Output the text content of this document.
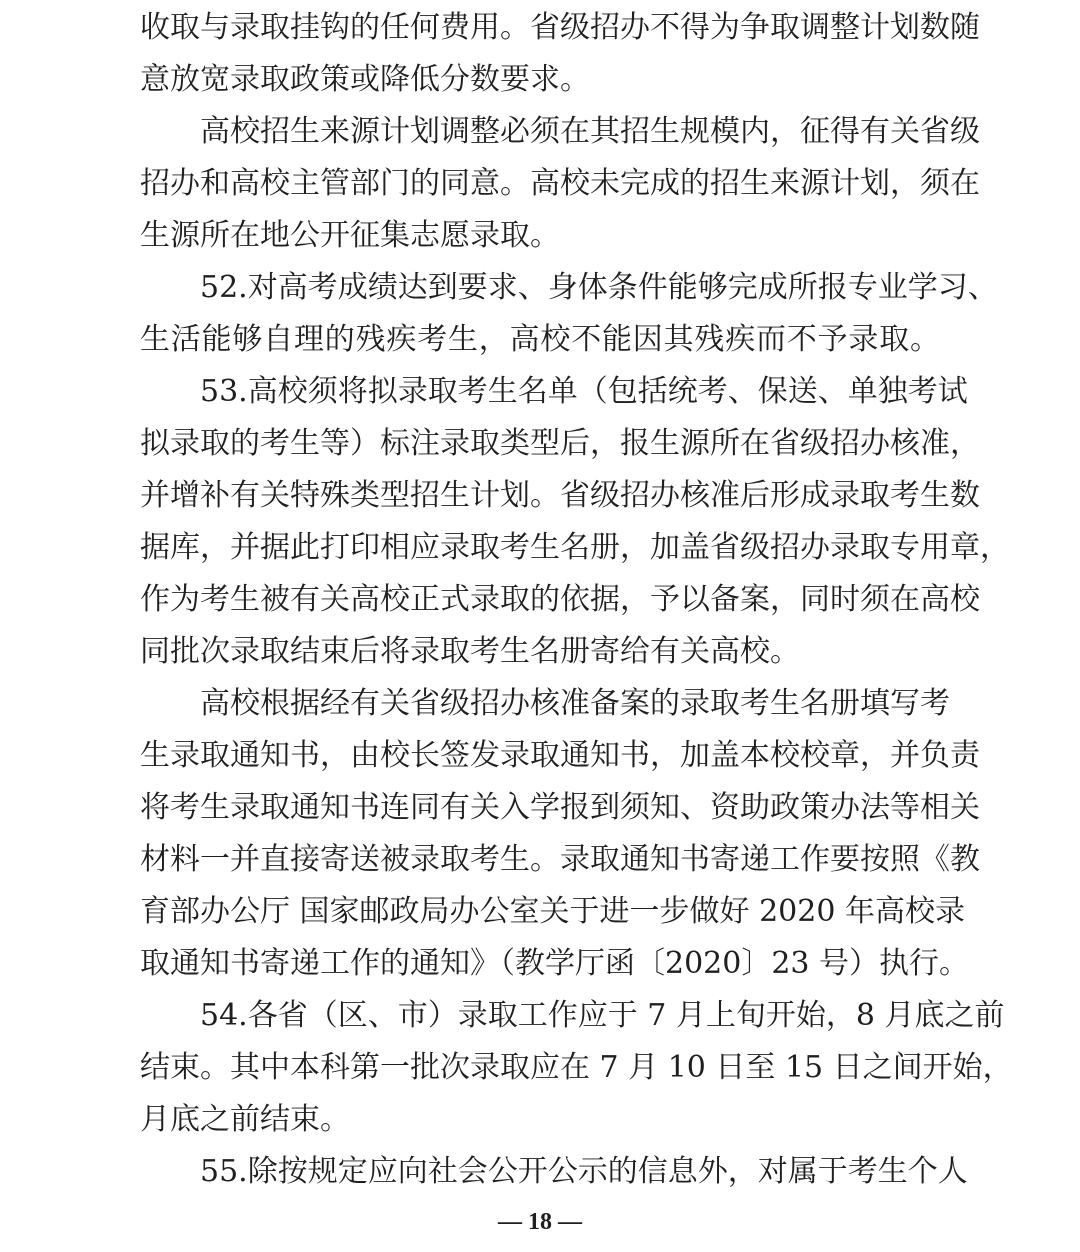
收取与录取挂钩的任何费用。省级招办不得为争取调整计划数随
意放宽录取政策或降低分数要求。
高校招生来源计划调整必须在其招生规模内，征得有关省级
招办和高校主管部门的同意。高校未完成的招生来源计划，须在
生源所在地公开征集志愿录取。
52.对高考成绩达到要求、身体条件能够完成所报专业学习、
生活能够自理的残疾考生，高校不能因其残疾而不予录取。
53.高校须将拟录取考生名单（包括统考、保送、单独考试
拟录取的考生等）标注录取类型后，报生源所在省级招办核准，
并增补有关特殊类型招生计划。省级招办核准后形成录取考生数
据库，并据此打印相应录取考生名册，加盖省级招办录取专用章，
作为考生被有关高校正式录取的依据，予以备案，同时须在高校
同批次录取结束后将录取考生名册寄给有关高校。
高校根据经有关省级招办核准备案的录取考生名册填写考
生录取通知书，由校长签发录取通知书，加盖本校校章，并负责
将考生录取通知书连同有关入学报到须知、资助政策办法等相关
材料一并直接寄送被录取考生。录取通知书寄递工作要按照《教
育部办公厅 国家邮政局办公室关于进一步做好 2020 年高校录
取通知书寄递工作的通知》（教学厅函〔2020〕23 号）执行。
54.各省（区、市）录取工作应于 7 月上旬开始，8 月底之前
结束。其中本科第一批次录取应在 7 月 10 日至 15 日之间开始，
月底之前结束。
55.除按规定应向社会公开公示的信息外，对属于考生个人
— 18 —
